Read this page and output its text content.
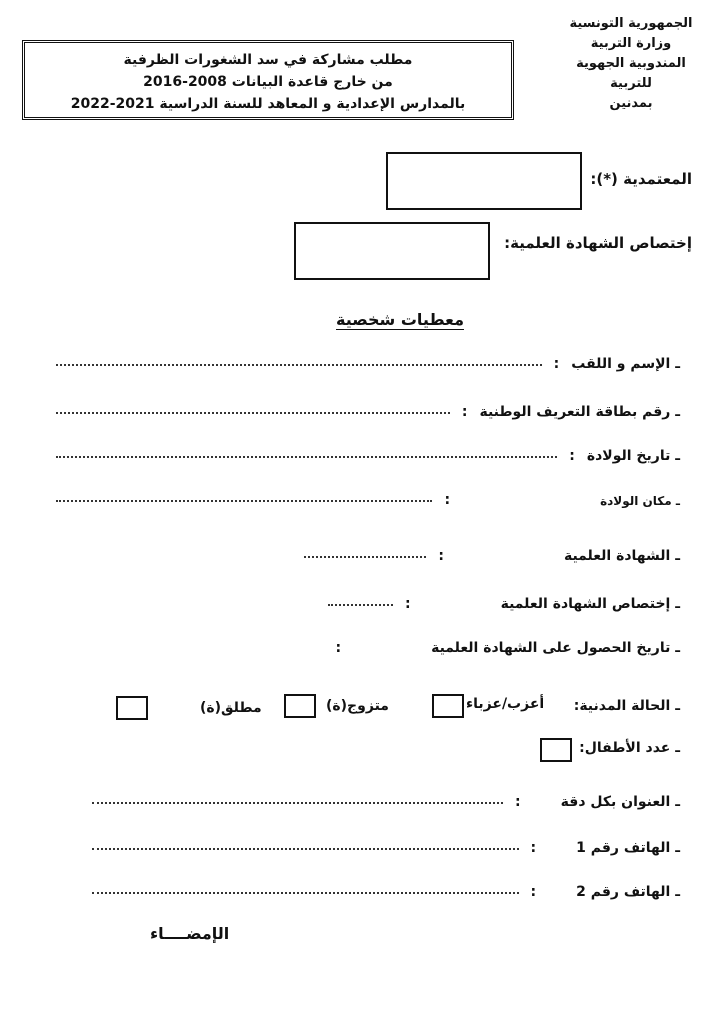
الجمهورية التونسية
وزارة التربية
المندوبية الجهوية للتربية
بمدنين
مطلب مشاركة في سد الشغورات الظرفية
من خارج قاعدة البيانات 2008-2016
بالمدارس الإعدادية و المعاهد للسنة الدراسية 2021-2022
المعتمدية (*):
إختصاص الشهادة العلمية:
معطيات شخصية
ـ الإسم و اللقب
:
ـ رقم بطاقة التعريف الوطنية
:
ـ تاريخ الولادة
:
ـ مكان الولادة
:
ـ الشهادة العلمية
:
ـ إختصاص الشهادة العلمية
:
ـ تاريخ الحصول على الشهادة العلمية
:
ـ الحالة المدنية:
أعزب/عزباء
متزوج(ة)
مطلق(ة)
ـ عدد الأطفال:
ـ العنوان بكل دقة
:
ـ الهاتف رقم 1
:
ـ الهاتف رقم 2
:
الإمضــــاء
